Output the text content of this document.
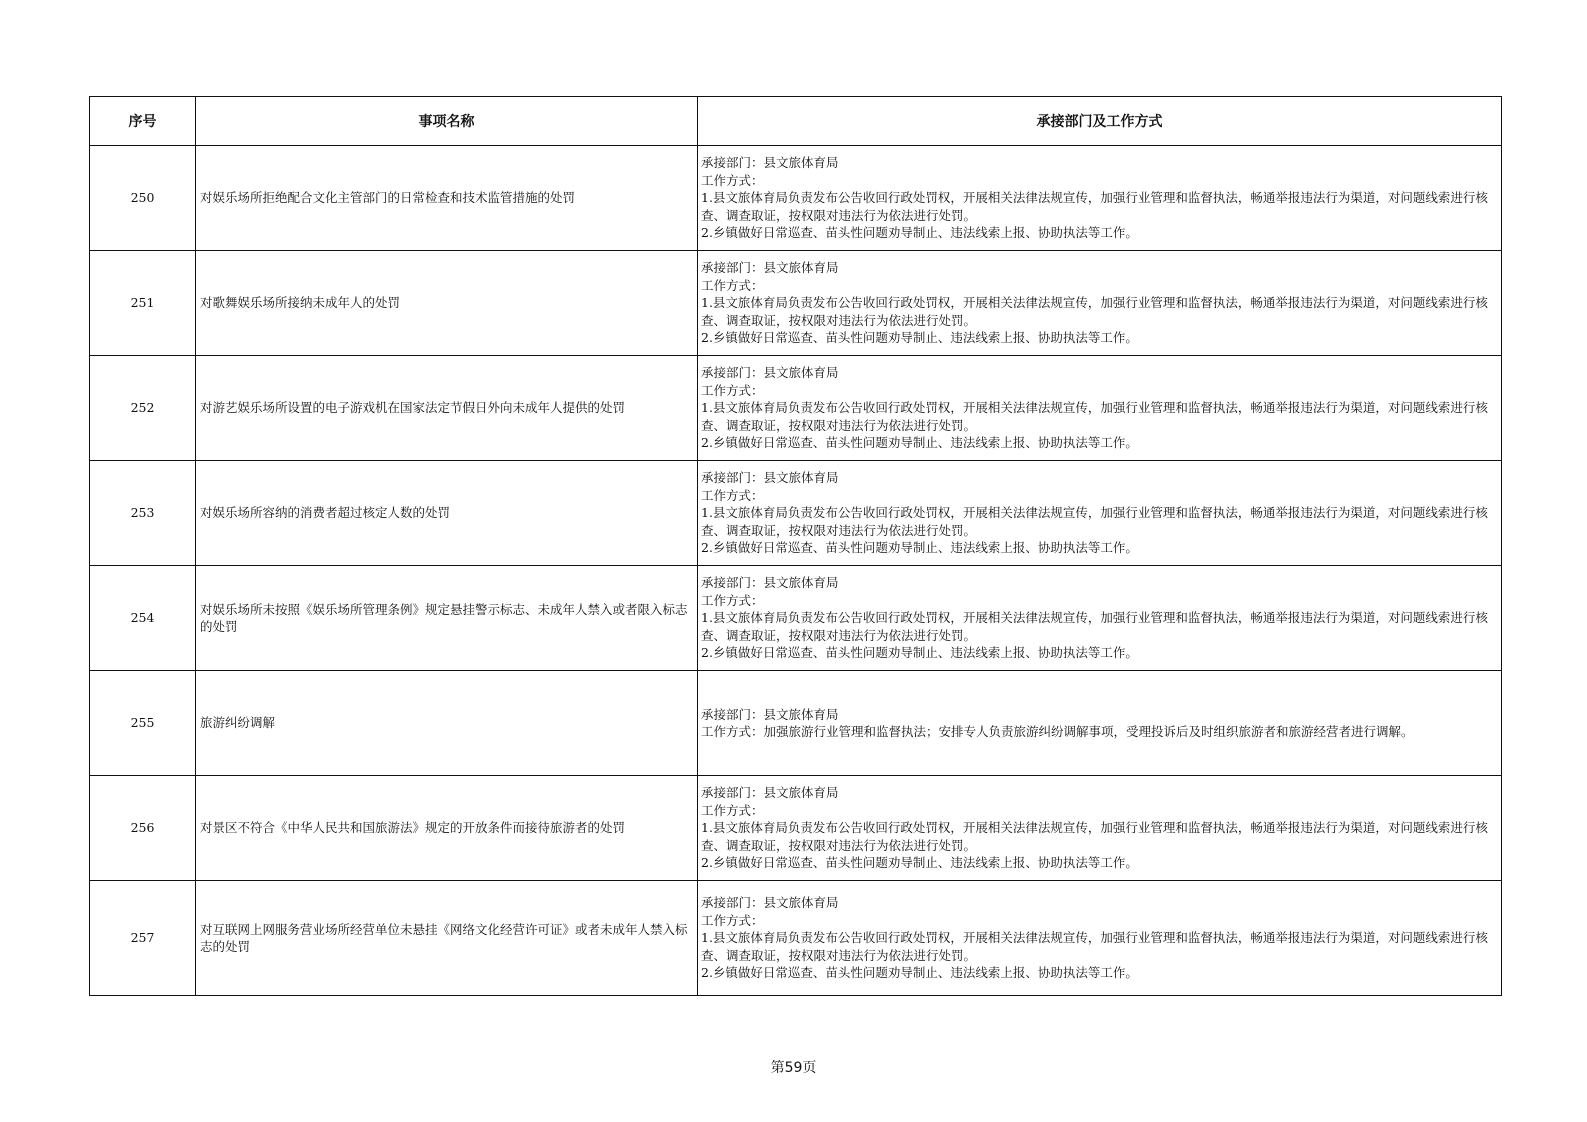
序号	事项名称	承接部门及工作方式
250	对娱乐场所拒绝配合文化主管部门的日常检查和技术监管措施的处罚	承接部门：县文旅体育局
工作方式：
1.县文旅体育局负责发布公告收回行政处罚权，开展相关法律法规宣传，加强行业管理和监督执法，畅通举报违法行为渠道，对问题线索进行核查、调查取证，按权限对违法行为依法进行处罚。
2.乡镇做好日常巡查、苗头性问题劝导制止、违法线索上报、协助执法等工作。

251	对歌舞娱乐场所接纳未成年人的处罚	承接部门：县文旅体育局
工作方式：
1.县文旅体育局负责发布公告收回行政处罚权，开展相关法律法规宣传，加强行业管理和监督执法，畅通举报违法行为渠道，对问题线索进行核查、调查取证，按权限对违法行为依法进行处罚。
2.乡镇做好日常巡查、苗头性问题劝导制止、违法线索上报、协助执法等工作。

252	对游艺娱乐场所设置的电子游戏机在国家法定节假日外向未成年人提供的处罚	承接部门：县文旅体育局
工作方式：
1.县文旅体育局负责发布公告收回行政处罚权，开展相关法律法规宣传，加强行业管理和监督执法，畅通举报违法行为渠道，对问题线索进行核查、调查取证，按权限对违法行为依法进行处罚。
2.乡镇做好日常巡查、苗头性问题劝导制止、违法线索上报、协助执法等工作。

253	对娱乐场所容纳的消费者超过核定人数的处罚	承接部门：县文旅体育局
工作方式：
1.县文旅体育局负责发布公告收回行政处罚权，开展相关法律法规宣传，加强行业管理和监督执法，畅通举报违法行为渠道，对问题线索进行核查、调查取证，按权限对违法行为依法进行处罚。
2.乡镇做好日常巡查、苗头性问题劝导制止、违法线索上报、协助执法等工作。

254	对娱乐场所未按照《娱乐场所管理条例》规定悬挂警示标志、未成年人禁入或者限入标志的处罚	承接部门：县文旅体育局
工作方式：
1.县文旅体育局负责发布公告收回行政处罚权，开展相关法律法规宣传，加强行业管理和监督执法，畅通举报违法行为渠道，对问题线索进行核查、调查取证，按权限对违法行为依法进行处罚。
2.乡镇做好日常巡查、苗头性问题劝导制止、违法线索上报、协助执法等工作。

255	旅游纠纷调解	承接部门：县文旅体育局
工作方式：加强旅游行业管理和监督执法；安排专人负责旅游纠纷调解事项，受理投诉后及时组织旅游者和旅游经营者进行调解。

256	对景区不符合《中华人民共和国旅游法》规定的开放条件而接待旅游者的处罚	承接部门：县文旅体育局
工作方式：
1.县文旅体育局负责发布公告收回行政处罚权，开展相关法律法规宣传，加强行业管理和监督执法，畅通举报违法行为渠道，对问题线索进行核查、调查取证，按权限对违法行为依法进行处罚。
2.乡镇做好日常巡查、苗头性问题劝导制止、违法线索上报、协助执法等工作。

257	对互联网上网服务营业场所经营单位未悬挂《网络文化经营许可证》或者未成年人禁入标志的处罚	承接部门：县文旅体育局
工作方式：
1.县文旅体育局负责发布公告收回行政处罚权，开展相关法律法规宣传，加强行业管理和监督执法，畅通举报违法行为渠道，对问题线索进行核查、调查取证，按权限对违法行为依法进行处罚。
2.乡镇做好日常巡查、苗头性问题劝导制止、违法线索上报、协助执法等工作。
第59页
